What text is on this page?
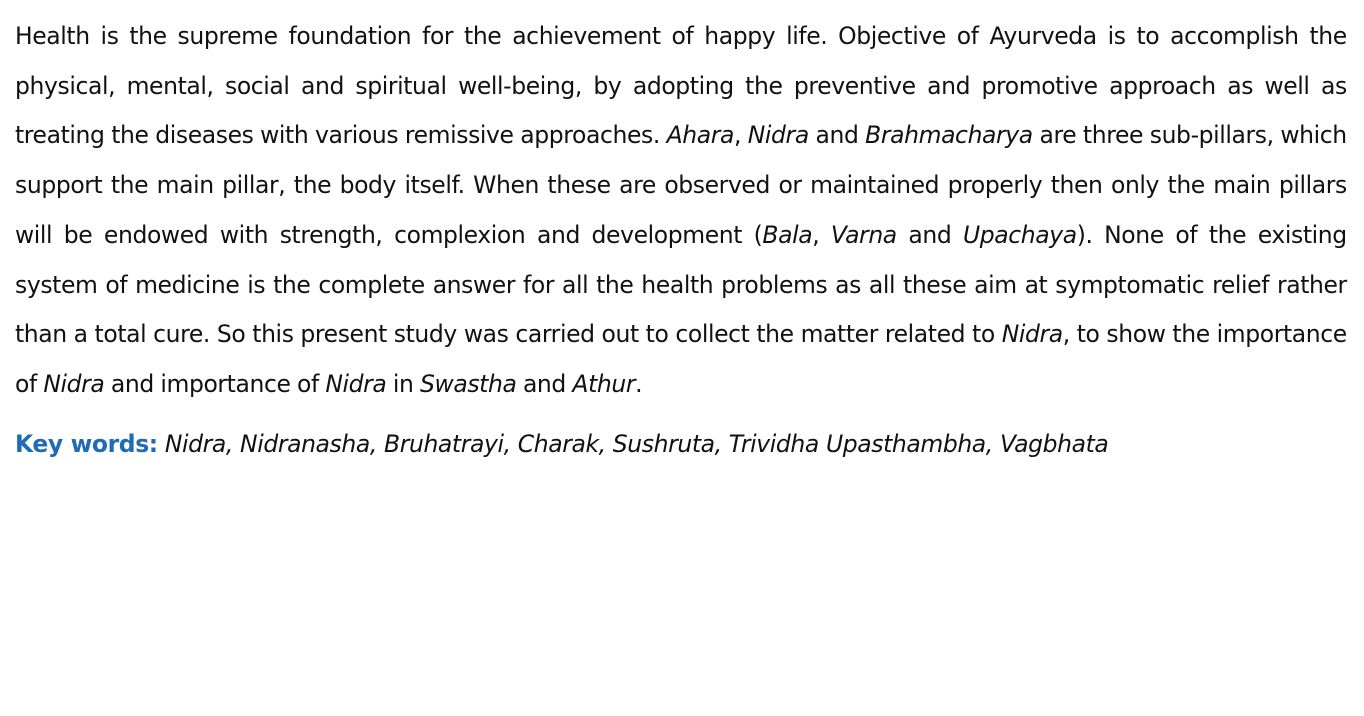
Health is the supreme foundation for the achievement of happy life. Objective of Ayurveda is to accomplish the physical, mental, social and spiritual well-being, by adopting the preventive and promotive approach as well as treating the diseases with various remissive approaches. Ahara, Nidra and Brahmacharya are three sub-pillars, which support the main pillar, the body itself. When these are observed or maintained properly then only the main pillars will be endowed with strength, complexion and development (Bala, Varna and Upachaya). None of the existing system of medicine is the complete answer for all the health problems as all these aim at symptomatic relief rather than a total cure. So this present study was carried out to collect the matter related to Nidra, to show the importance of Nidra and importance of Nidra in Swastha and Athur.

Key words: Nidra, Nidranasha, Bruhatrayi, Charak, Sushruta, Trividha Upasthambha, Vagbhata
